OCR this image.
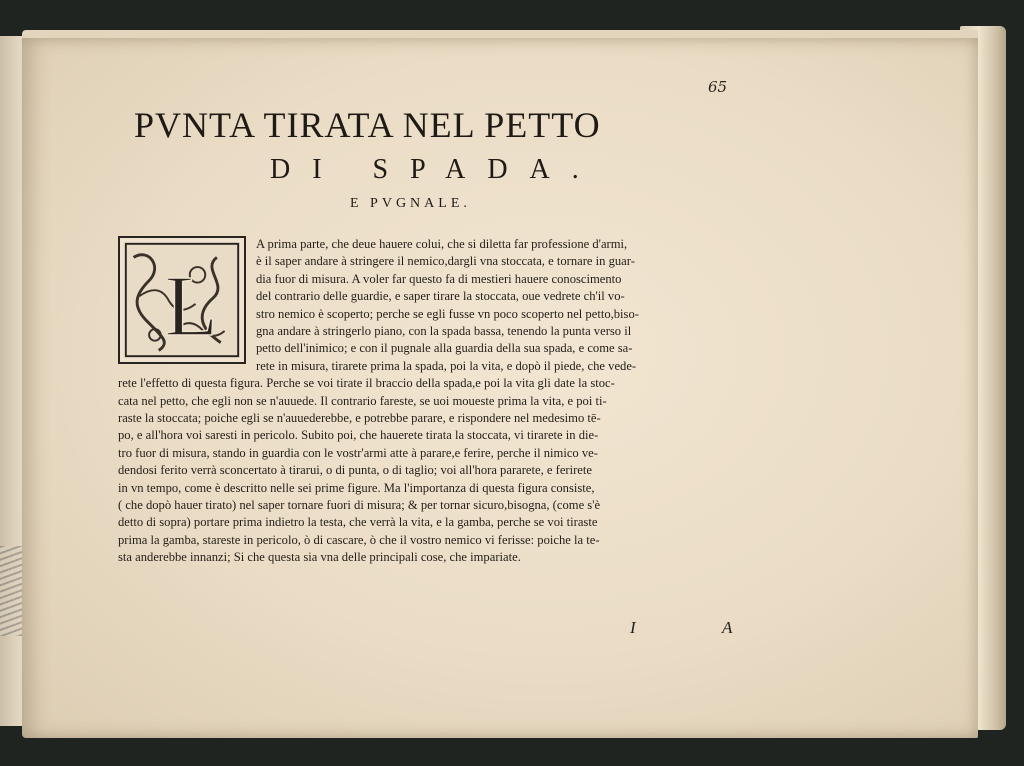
65
PVNTA TIRATA NEL PETTO
DI SPADA.
E PVGNALE.
L
A prima parte, che deue hauere colui, che si diletta far professione d'armi,
è il saper andare à stringere il nemico,dargli vna stoccata, e tornare in guar-
dia fuor di misura. A voler far questo fa di mestieri hauere conoscimento
del contrario delle guardie, e saper tirare la stoccata, oue vedrete ch'il vo-
stro nemico è scoperto; perche se egli fusse vn poco scoperto nel petto,biso-
gna andare à stringerlo piano, con la spada bassa, tenendo la punta verso il
petto dell'inimico; e con il pugnale alla guardia della sua spada, e come sa-
rete in misura, tirarete prima la spada, poi la vita, e dopò il piede, che vede-
rete l'effetto di questa figura. Perche se voi tirate il braccio della spada,e poi la vita gli date la stoc-
cata nel petto, che egli non se n'auuede. Il contrario fareste, se uoi moueste prima la vita, e poi ti-
raste la stoccata; poiche egli se n'auuederebbe, e potrebbe parare, e rispondere nel medesimo tē-
po, e all'hora voi saresti in pericolo. Subito poi, che hauerete tirata la stoccata, vi tirarete in die-
tro fuor di misura, stando in guardia con le vostr'armi atte à parare,e ferire, perche il nimico ve-
dendosi ferito verrà sconcertato à tirarui, o di punta, o di taglio; voi all'hora pararete, e ferirete
in vn tempo, come è descritto nelle sei prime figure. Ma l'importanza di questa figura consiste,
( che dopò hauer tirato) nel saper tornare fuori di misura; & per tornar sicuro,bisogna, (come s'è
detto di sopra) portare prima indietro la testa, che verrà la vita, e la gamba, perche se voi tiraste
prima la gamba, stareste in pericolo, ò di cascare, ò che il vostro nemico vi ferisse: poiche la te-
sta anderebbe innanzi; Si che questa sia vna delle principali cose, che impariate.
I	A
